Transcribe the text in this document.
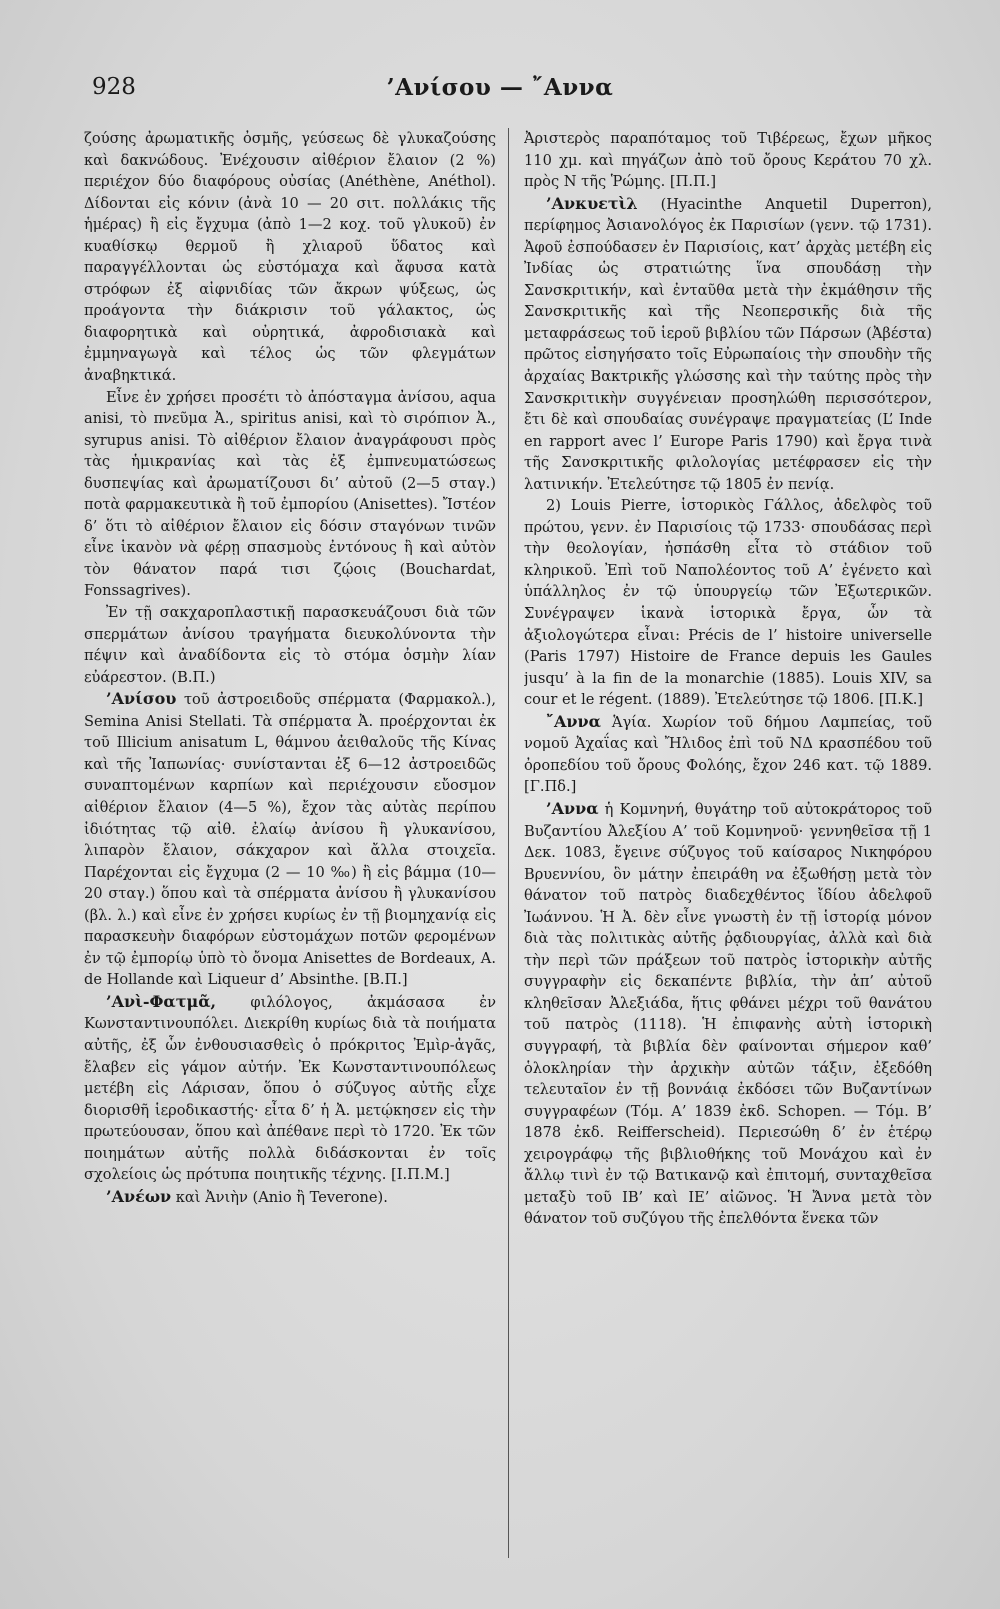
928	’Ανίσου — ῎Αννα

ζούσης ἀρωματικῆς ὀσμῆς, γεύσεως δὲ γλυκαζούσης καὶ δακνώδους. Ἐνέχουσιν αἰθέριον ἔλαιον (2 %) περιέχον δύο διαφόρους οὐσίας (Anéthène, Anéthol). Δίδονται εἰς κόνιν (ἀνὰ 10 — 20 σιτ. πολλάκις τῆς ἡμέρας) ἢ εἰς ἔγχυμα (ἀπὸ 1—2 κοχ. τοῦ γλυκοῦ) ἐν κυαθίσκῳ θερμοῦ ἢ χλιαροῦ ὕδατος καὶ παραγγέλλονται ὡς εὐστόμαχα καὶ ἄφυσα κατὰ στρόφων ἐξ αἰφνιδίας τῶν ἄκρων ψύξεως, ὡς προάγοντα τὴν διάκρισιν τοῦ γάλακτος, ὡς διαφορητικὰ καὶ οὐρητικά, ἀφροδισιακὰ καὶ ἐμμηναγωγὰ καὶ τέλος ὡς τῶν φλεγμάτων ἀναβηκτικά.

Εἶνε ἐν χρήσει προσέτι τὸ ἀπόσταγμα ἀνίσου, aqua anisi, τὸ πνεῦμα Ἀ., spiritus anisi, καὶ τὸ σιρόπιον Ἀ., syrupus anisi. Τὸ αἰθέριον ἔλαιον ἀναγράφουσι πρὸς τὰς ἡμικρανίας καὶ τὰς ἐξ ἐμπνευματώσεως δυσπεψίας καὶ ἀρωματίζουσι δι’ αὐτοῦ (2—5 σταγ.) ποτὰ φαρμακευτικὰ ἢ τοῦ ἐμπορίου (Anisettes). Ἴστέον δ’ ὅτι τὸ αἰθέριον ἔλαιον εἰς δόσιν σταγόνων τινῶν εἶνε ἱκανὸν νὰ φέρῃ σπασμοὺς ἐντόνους ἢ καὶ αὐτὸν τὸν θάνατον παρά τισι ζῴοις (Bouchardat, Fonssagrives).

Ἐν τῇ σακχαροπλαστικῇ παρασκευάζουσι διὰ τῶν σπερμάτων ἀνίσου τραγήματα διευκολύνοντα τὴν πέψιν καὶ ἀναδίδοντα εἰς τὸ στόμα ὀσμὴν λίαν εὐάρεστον. (Β.Π.)

’Ανίσου τοῦ ἀστροειδοῦς σπέρματα (Φαρμακολ.), Semina Anisi Stellati. Τὰ σπέρματα Ἀ. προέρχονται ἐκ τοῦ Illicium anisatum L, θάμνου ἀειθαλοῦς τῆς Κίνας καὶ τῆς Ἰαπωνίας· συνίστανται ἐξ 6—12 ἀστροειδῶς συναπτομένων καρπίων καὶ περιέχουσιν εὔοσμον αἰθέριον ἔλαιον (4—5 %), ἔχον τὰς αὐτὰς περίπου ἰδιότητας τῷ αἰθ. ἐλαίῳ ἀνίσου ἢ γλυκανίσου, λιπαρὸν ἔλαιον, σάκχαρον καὶ ἄλλα στοιχεῖα. Παρέχονται εἰς ἔγχυμα (2 — 10 ‰) ἢ εἰς βάμμα (10—20 σταγ.) ὅπου καὶ τὰ σπέρματα ἀνίσου ἢ γλυκανίσου (βλ. λ.) καὶ εἶνε ἐν χρήσει κυρίως ἐν τῇ βιομηχανίᾳ εἰς παρασκευὴν διαφόρων εὐστομάχων ποτῶν φερομένων ἐν τῷ ἐμπορίῳ ὑπὸ τὸ ὄνομα Anisettes de Bordeaux, A. de Hollande καὶ Liqueur d’ Absinthe. [Β.Π.]

’Ανὶ-Φατμᾶ, φιλόλογος, ἀκμάσασα ἐν Κωνσταντινουπόλει. Διεκρίθη κυρίως διὰ τὰ ποιήματα αὐτῆς, ἐξ ὧν ἐνθουσιασθεὶς ὁ πρόκριτος Ἐμὶρ-ἀγᾶς, ἔλαβεν εἰς γάμον αὐτήν. Ἐκ Κωνσταντινουπόλεως μετέβη εἰς Λάρισαν, ὅπου ὁ σύζυγος αὐτῆς εἶχε διορισθῆ ἱεροδικαστής· εἶτα δ’ ἡ Ἀ. μετῴκησεν εἰς τὴν πρωτεύουσαν, ὅπου καὶ ἀπέθανε περὶ τὸ 1720. Ἐκ τῶν ποιημάτων αὐτῆς πολλὰ διδάσκονται ἐν τοῖς σχολείοις ὡς πρότυπα ποιητικῆς τέχνης. [Ι.Π.Μ.]

’Ανέων καὶ Ἀνιὴν (Anio ἢ Teverone).

Ἀριστερὸς παραπόταμος τοῦ Τιβέρεως, ἔχων μῆκος 110 χμ. καὶ πηγάζων ἀπὸ τοῦ ὄρους Κεράτου 70 χλ. πρὸς Ν τῆς Ῥώμης. [Π.Π.]

’Ανκυετὶλ (Hyacinthe Anquetil Duperron), περίφημος Ἀσιανολόγος ἐκ Παρισίων (γενν. τῷ 1731). Ἀφοῦ ἐσπούδασεν ἐν Παρισίοις, κατ’ ἀρχὰς μετέβη εἰς Ἰνδίας ὡς στρατιώτης ἵνα σπουδάσῃ τὴν Σανσκριτικήν, καὶ ἐνταῦθα μετὰ τὴν ἐκμάθησιν τῆς Σανσκριτικῆς καὶ τῆς Νεοπερσικῆς διὰ τῆς μεταφράσεως τοῦ ἱεροῦ βιβλίου τῶν Πάρσων (Ἀβέστα) πρῶτος εἰσηγήσατο τοῖς Εὐρωπαίοις τὴν σπουδὴν τῆς ἀρχαίας Βακτρικῆς γλώσσης καὶ τὴν ταύτης πρὸς τὴν Σανσκριτικὴν συγγένειαν προσηλώθη περισσότερον, ἔτι δὲ καὶ σπουδαίας συνέγραψε πραγματείας (L’ Inde en rapport avec l’ Europe Paris 1790) καὶ ἔργα τινὰ τῆς Σανσκριτικῆς φιλολογίας μετέφρασεν εἰς τὴν λατινικήν. Ἐτελεύτησε τῷ 1805 ἐν πενίᾳ.

2) Louis Pierre, ἱστορικὸς Γάλλος, ἀδελφὸς τοῦ πρώτου, γενν. ἐν Παρισίοις τῷ 1733· σπουδάσας περὶ τὴν θεολογίαν, ἠσπάσθη εἶτα τὸ στάδιον τοῦ κληρικοῦ. Ἐπὶ τοῦ Ναπολέοντος τοῦ Α’ ἐγένετο καὶ ὑπάλληλος ἐν τῷ ὑπουργείῳ τῶν Ἐξωτερικῶν. Συνέγραψεν ἱκανὰ ἱστορικὰ ἔργα, ὧν τὰ ἀξιολογώτερα εἶναι: Précis de l’ histoire universelle (Paris 1797) Histoire de France depuis les Gaules jusqu’ à la fin de la monarchie (1885). Louis XIV, sa cour et le régent. (1889). Ἐτελεύτησε τῷ 1806. [Π.Κ.]

῎Αννα Ἁγία. Χωρίον τοῦ δήμου Λαμπείας, τοῦ νομοῦ Ἀχαΐας καὶ Ἤλιδος ἐπὶ τοῦ ΝΔ κρασπέδου τοῦ ὀροπεδίου τοῦ ὄρους Φολόης, ἔχον 246 κατ. τῷ 1889. [Γ.Πδ.]

’Αννα ἡ Κομνηνή, θυγάτηρ τοῦ αὐτοκράτορος τοῦ Βυζαντίου Ἀλεξίου Α’ τοῦ Κομνηνοῦ· γεννηθεῖσα τῇ 1 Δεκ. 1083, ἔγεινε σύζυγος τοῦ καίσαρος Νικηφόρου Βρυεννίου, ὃν μάτην ἐπειράθη να ἐξωθήσῃ μετὰ τὸν θάνατον τοῦ πατρὸς διαδεχθέντος ἴδίου ἀδελφοῦ Ἰωάννου. Ἡ Ἀ. δὲν εἶνε γνωστὴ ἐν τῇ ἱστορίᾳ μόνον διὰ τὰς πολιτικὰς αὐτῆς ῥᾳδιουργίας, ἀλλὰ καὶ διὰ τὴν περὶ τῶν πράξεων τοῦ πατρὸς ἱστορικὴν αὐτῆς συγγραφὴν εἰς δεκαπέντε βιβλία, τὴν ἀπ’ αὐτοῦ κληθεῖσαν Ἀλεξιάδα, ἥτις φθάνει μέχρι τοῦ θανάτου τοῦ πατρὸς (1118). Ἡ ἐπιφανὴς αὐτὴ ἱστορικὴ συγγραφή, τὰ βιβλία δὲν φαίνονται σήμερον καθ’ ὁλοκληρίαν τὴν ἀρχικὴν αὐτῶν τάξιν, ἐξεδόθη τελευταῖον ἐν τῇ βοννάιᾳ ἐκδόσει τῶν Βυζαντίνων συγγραφέων (Τόμ. Α’ 1839 ἐκδ. Schopen. — Τόμ. Β’ 1878 ἐκδ. Reifferscheid). Περιεσώθη δ’ ἐν ἑτέρῳ χειρογράφῳ τῆς βιβλιοθήκης τοῦ Μονάχου καὶ ἐν ἄλλῳ τινὶ ἐν τῷ Βατικανῷ καὶ ἐπιτομή, συνταχθεῖσα μεταξὺ τοῦ ΙΒ’ καὶ ΙΕ’ αἰῶνος. Ἡ Ἄννα μετὰ τὸν θάνατον τοῦ συζύγου τῆς ἐπελθόντα ἕνεκα τῶν
